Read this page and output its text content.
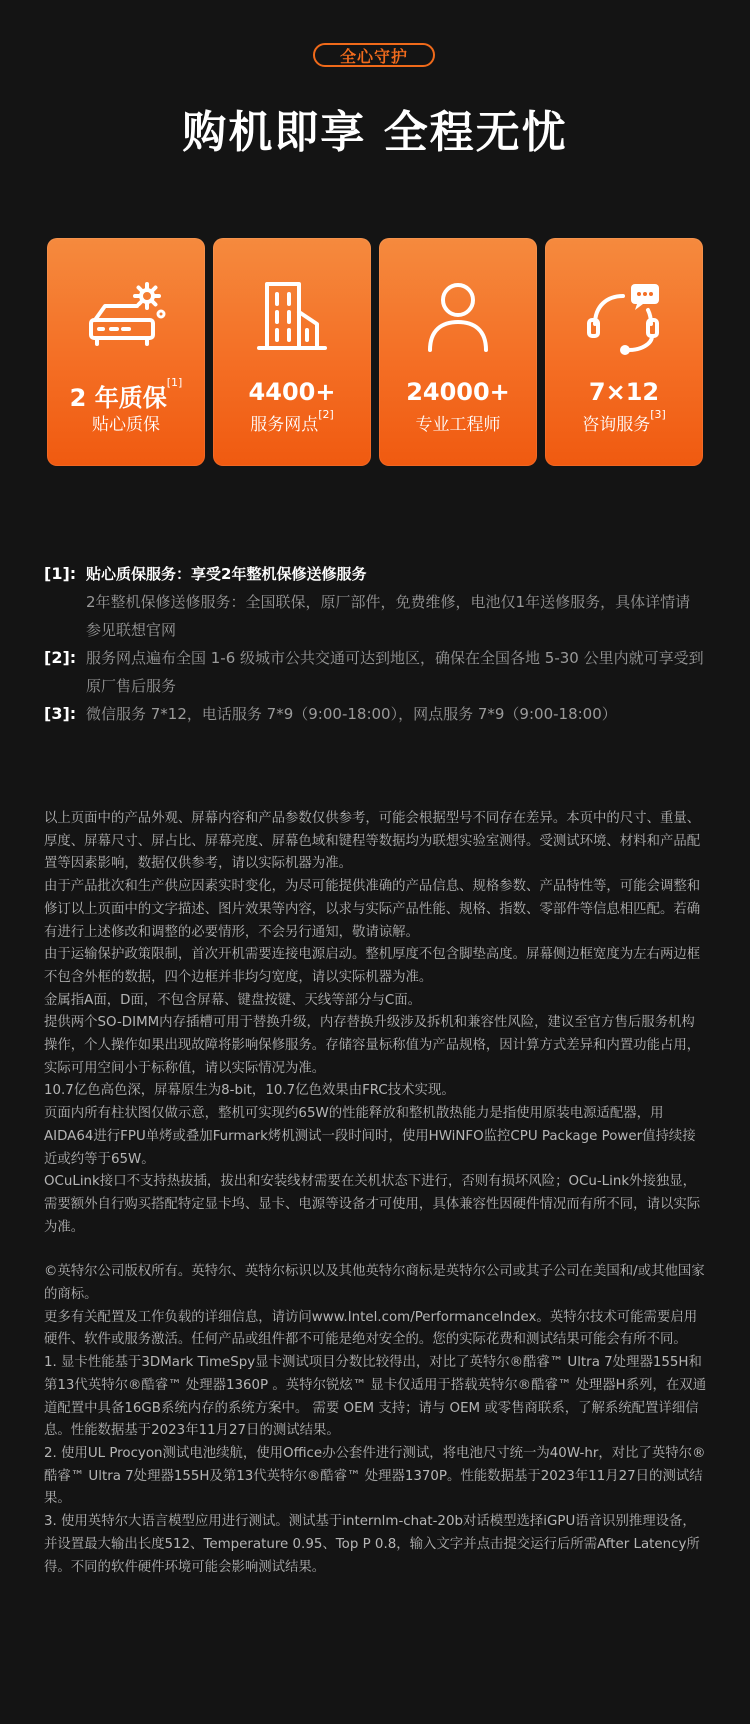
全心守护
购机即享 全程无忧
2 年质保[1]
贴心质保
4400+
服务网点[2]
24000+
专业工程师
7×12
咨询服务[3]
[1]: 贴心质保服务：享受2年整机保修送修服务
2年整机保修送修服务：全国联保，原厂部件，免费维修，电池仅1年送修服务，具体详情请参见联想官网
[2]: 服务网点遍布全国 1-6 级城市公共交通可达到地区，确保在全国各地 5-30 公里内就可享受到原厂售后服务
[3]: 微信服务 7*12，电话服务 7*9（9:00-18:00），网点服务 7*9（9:00-18:00）

以上页面中的产品外观、屏幕内容和产品参数仅供参考，可能会根据型号不同存在差异。本页中的尺寸、重量、厚度、屏幕尺寸、屏占比、屏幕亮度、屏幕色域和键程等数据均为联想实验室测得。受测试环境、材料和产品配置等因素影响，数据仅供参考，请以实际机器为准。

由于产品批次和生产供应因素实时变化，为尽可能提供准确的产品信息、规格参数、产品特性等，可能会调整和修订以上页面中的文字描述、图片效果等内容，以求与实际产品性能、规格、指数、零部件等信息相匹配。若确有进行上述修改和调整的必要情形，不会另行通知，敬请谅解。

由于运输保护政策限制，首次开机需要连接电源启动。整机厚度不包含脚垫高度。屏幕侧边框宽度为左右两边框不包含外框的数据，四个边框并非均匀宽度，请以实际机器为准。

金属指A面，D面，不包含屏幕、键盘按键、天线等部分与C面。

提供两个SO-DIMM内存插槽可用于替换升级，内存替换升级涉及拆机和兼容性风险，建议至官方售后服务机构操作，个人操作如果出现故障将影响保修服务。存储容量标称值为产品规格，因计算方式差异和内置功能占用，实际可用空间小于标称值，请以实际情况为准。

10.7亿色高色深，屏幕原生为8-bit，10.7亿色效果由FRC技术实现。

页面内所有柱状图仅做示意，整机可实现约65W的性能释放和整机散热能力是指使用原装电源适配器，用AIDA64进行FPU单烤或叠加Furmark烤机测试一段时间时，使用HWiNFO监控CPU Package Power值持续接近或约等于65W。

OCuLink接口不支持热拔插，拔出和安装线材需要在关机状态下进行，否则有损坏风险；OCu-Link外接独显，需要额外自行购买搭配特定显卡坞、显卡、电源等设备才可使用，具体兼容性因硬件情况而有所不同，请以实际为准。

©英特尔公司版权所有。英特尔、英特尔标识以及其他英特尔商标是英特尔公司或其子公司在美国和/或其他国家的商标。

更多有关配置及工作负载的详细信息，请访问www.Intel.com/PerformanceIndex。英特尔技术可能需要启用硬件、软件或服务激活。任何产品或组件都不可能是绝对安全的。您的实际花费和测试结果可能会有所不同。

1. 显卡性能基于3DMark TimeSpy显卡测试项目分数比较得出，对比了英特尔®酷睿™ Ultra 7处理器155H和第13代英特尔®酷睿™ 处理器1360P 。英特尔锐炫™ 显卡仅适用于搭载英特尔®酷睿™ 处理器H系列，在双通道配置中具备16GB系统内存的系统方案中。 需要 OEM 支持；请与 OEM 或零售商联系，了解系统配置详细信息。性能数据基于2023年11月27日的测试结果。

2. 使用UL Procyon测试电池续航，使用Office办公套件进行测试，将电池尺寸统一为40W-hr，对比了英特尔®酷睿™ Ultra 7处理器155H及第13代英特尔®酷睿™ 处理器1370P。性能数据基于2023年11月27日的测试结果。

3. 使用英特尔大语言模型应用进行测试。测试基于internlm-chat-20b对话模型选择iGPU语音识别推理设备，并设置最大输出长度512、Temperature 0.95、Top P 0.8，输入文字并点击提交运行后所需After Latency所得。不同的软件硬件环境可能会影响测试结果。
